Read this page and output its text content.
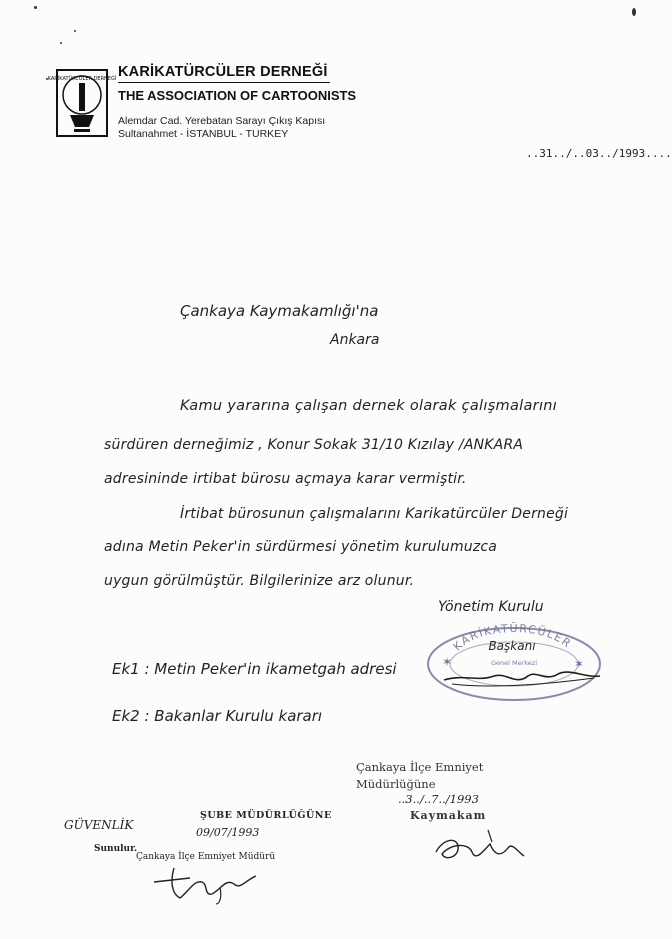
KARİKATÜRCÜLER DERNEĞİ KARİKATÜRCÜLER DERNEĞİ
THE ASSOCIATION OF CARTOONISTS
Alemdar Cad. Yerebatan Sarayı Çıkış Kapısı
Sultanahmet - İSTANBUL - TURKEY
..31../..03../1993....
Çankaya Kaymakamlığı'na
Ankara
Kamu yararına çalışan dernek olarak çalışmalarını
sürdüren derneğimiz , Konur Sokak 31/10 Kızılay /ANKARA
adresininde irtibat bürosu açmaya karar vermiştir.
İrtibat bürosunun çalışmalarını Karikatürcüler Derneği
adına Metin Peker'in sürdürmesi yönetim kurulumuzca
uygun görülmüştür. Bilgilerinize arz olunur.
Yönetim Kurulu
KARİKATÜRCÜLER
Genel Merkezi
Başkanı
✶	✶
Ek1 : Metin Peker'in ikametgah adresi
Ek2 : Bakanlar Kurulu kararı
Çankaya İlçe Emniyet
Müdürlüğüne
..3../..7../1993
Kaymakam
GÜVENLİK
ŞUBE MÜDÜRLÜĞÜNE
09/07/1993
Sunulur.
Çankaya İlçe Emniyet Müdürü
